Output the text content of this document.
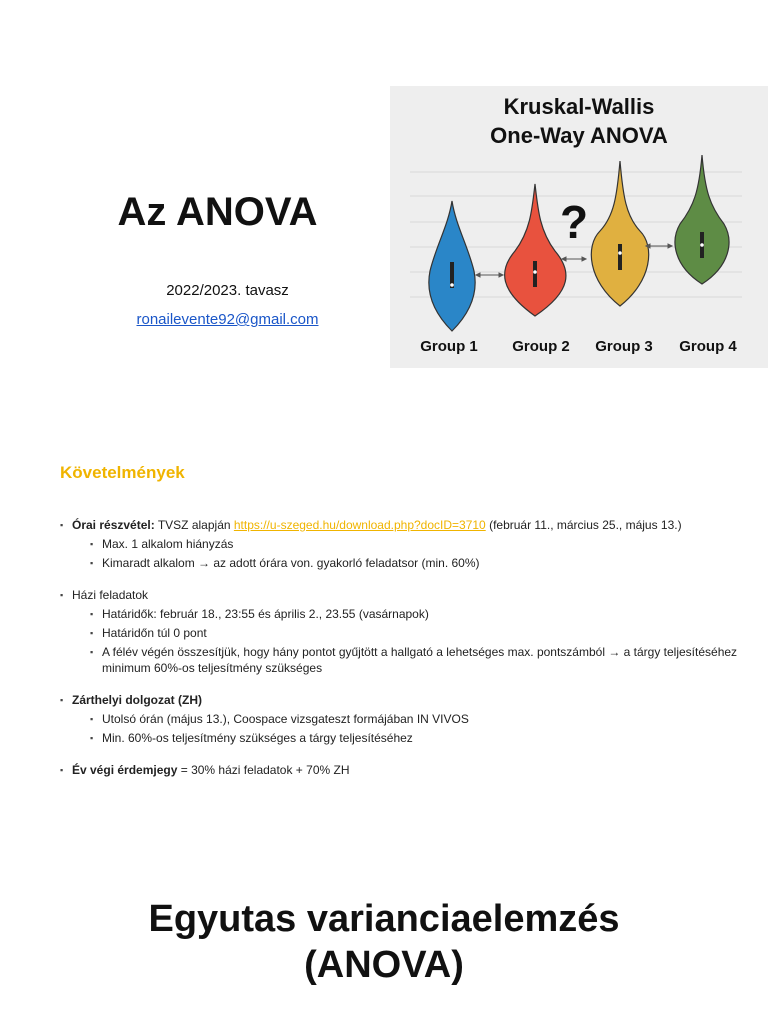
Az ANOVA
2022/2023. tavasz
ronailevente92@gmail.com
Kruskal-Wallis
One-Way ANOVA
?
Group 1 Group 2 Group 3 Group 4
Követelmények
▪ Órai részvétel: TVSZ alapján https://u-szeged.hu/download.php?docID=3710 (február 11., március 25., május 13.)
▪ Max. 1 alkalom hiányzás
▪ Kimaradt alkalom → az adott órára von. gyakorló feladatsor (min. 60%)
▪ Házi feladatok
▪ Határidők: február 18., 23:55 és április 2., 23.55 (vasárnapok)
▪ Határidőn túl 0 pont
▪ A félév végén összesítjük, hogy hány pontot gyűjtött a hallgató a lehetséges max. pontszámból → a tárgy teljesítéséhez minimum 60%-os teljesítmény szükséges
▪ Zárthelyi dolgozat (ZH)
▪ Utolsó órán (május 13.), Coospace vizsgateszt formájában IN VIVOS
▪ Min. 60%-os teljesítmény szükséges a tárgy teljesítéséhez
▪ Év végi érdemjegy = 30% házi feladatok + 70% ZH
Egyutas varianciaelemzés
(ANOVA)
